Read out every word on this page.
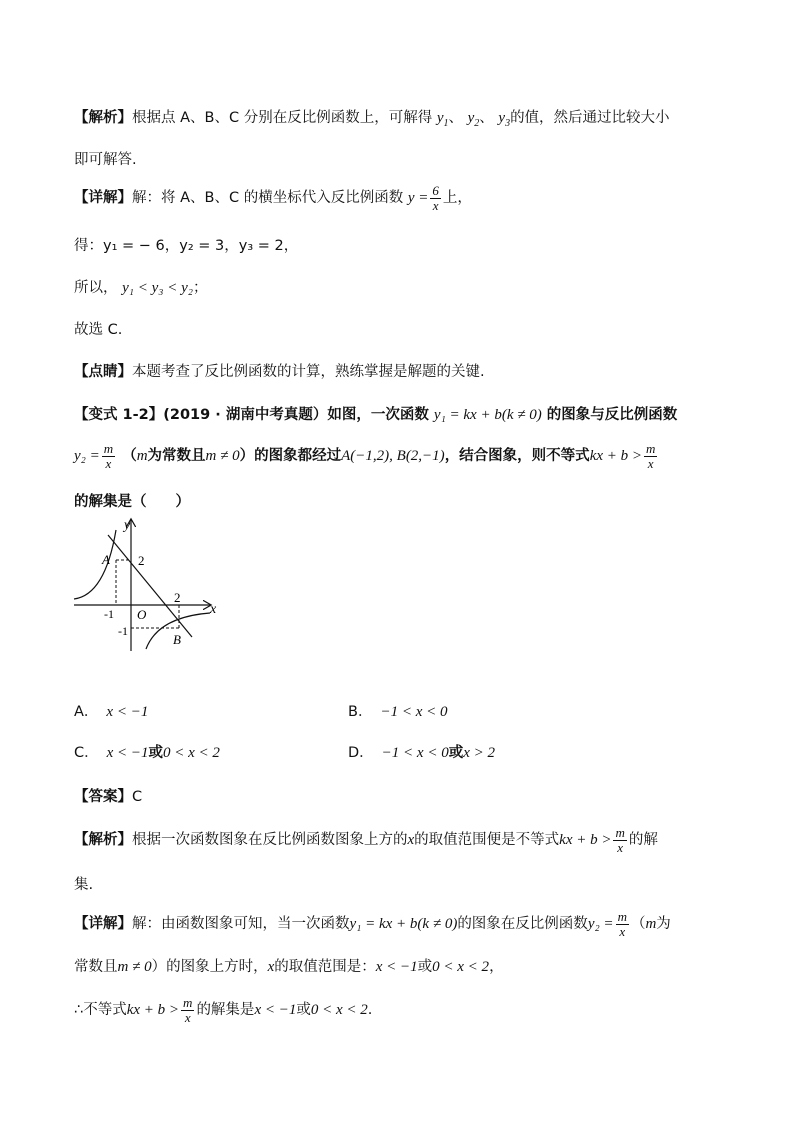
【解析】根据点 A、B、C 分别在反比例函数上，可解得 $y_1$、 $y_2$、 $y_3$的值，然后通过比较大小
即可解答.
【详解】解：将 A、B、C 的横坐标代入反比例函数 $y = \frac{6}{x}$ 上，
得：y₁ = − 6，y₂ = 3，y₃ = 2，
所以， y₁ < y₃ < y₂；
故选 C.
【点睛】本题考查了反比例函数的计算，熟练掌握是解题的关键.
【变式 1-2】(2019 · 湖南中考真题）如图，一次函数 y₁ = kx + b(k ≠ 0) 的图象与反比例函数
$y_2 = \frac{m}{x} (m$为常数且m ≠ 0）的图象都经过A(−1,2), B(2,−1)，结合图象，则不等式kx + $b > \frac{m}{x}$
的解集是（　　）
y
x
O
A
B
2
2
-1
-1
A． x < −1	B． −1 < x < 0
C． x < −1或0 < x < 2	D． −1 < x < 0或x > 2
【答案】C
【解析】根据一次函数图象在反比例函数图象上方的x的取值范围便是不等式kx + $b > \frac{m}{x}$ 的解
集.
【详解】解：由函数图象可知，当一次函数y₁ = kx + b(k ≠ 0)的图象在反比例函数$y_2 = \frac{m}{x} (m$为
常数且m ≠ 0）的图象上方时，x的取值范围是：x < −1或0 < x < 2，
∴不等式kx + $b > \frac{m}{x}$ 的解集是x < −1或0 < x < 2.
